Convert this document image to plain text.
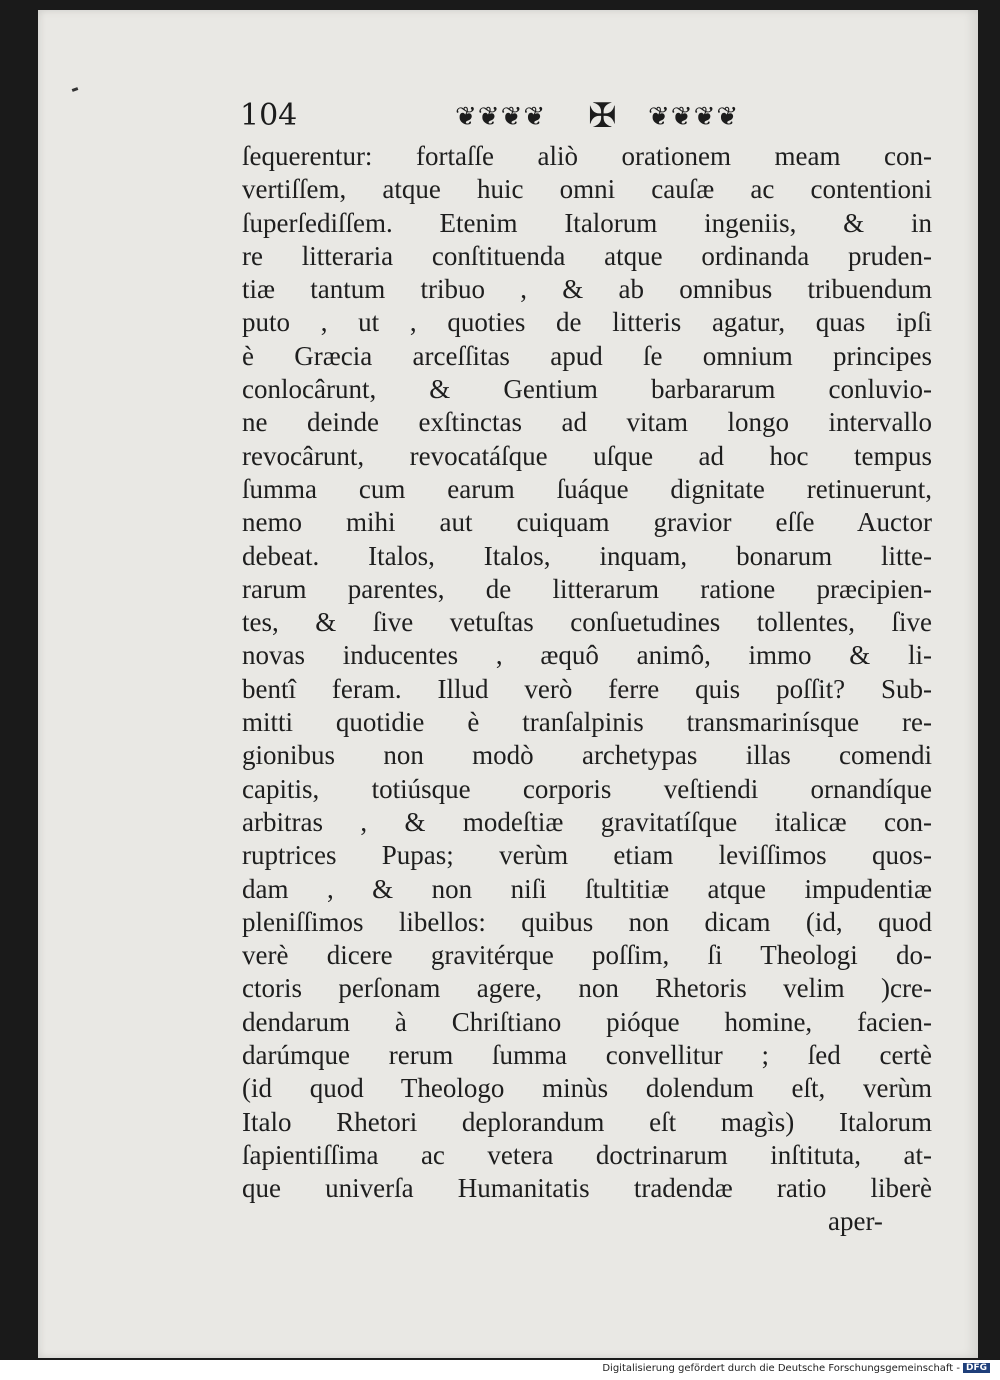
104	❦❦❦❦ ✠ ❦❦❦❦
ſequerentur: fortaſſe aliò orationem meam con-
vertiſſem, atque huic omni cauſæ ac contentioni
ſuperſediſſem. Etenim Italorum ingeniis, & in
re litteraria conſtituenda atque ordinanda pruden-
tiæ tantum tribuo , & ab omnibus tribuendum
puto , ut , quoties de litteris agatur, quas ipſi
è Græcia arceſſitas apud ſe omnium principes
conlocârunt, & Gentium barbararum conluvio-
ne deinde exſtinctas ad vitam longo intervallo
revocârunt, revocatáſque uſque ad hoc tempus
ſumma cum earum ſuáque dignitate retinuerunt,
nemo mihi aut cuiquam gravior eſſe Auctor
debeat. Italos, Italos, inquam, bonarum litte-
rarum parentes, de litterarum ratione præcipien-
tes, & ſive vetuſtas conſuetudines tollentes, ſive
novas inducentes , æquô animô, immo & li-
bentî feram. Illud verò ferre quis poſſit? Sub-
mitti quotidie è tranſalpinis transmarinísque re-
gionibus non modò archetypas illas comendi
capitis, totiúsque corporis veſtiendi ornandíque
arbitras , & modeſtiæ gravitatíſque italicæ con-
ruptrices Pupas; verùm etiam leviſſimos quos-
dam , & non niſi ſtultitiæ atque impudentiæ
pleniſſimos libellos: quibus non dicam (id, quod
verè dicere gravitérque poſſim, ſi Theologi do-
ctoris perſonam agere, non Rhetoris velim )cre-
dendarum à Chriſtiano pióque homine, facien-
darúmque rerum ſumma convellitur ; ſed certè
(id quod Theologo minùs dolendum eſt, verùm
Italo Rhetori deplorandum eſt magìs) Italorum
ſapientiſſima ac vetera doctrinarum inſtituta, at-
que univerſa Humanitatis tradendæ ratio liberè
aper-
Digitalisierung gefördert durch die Deutsche Forschungsgemeinschaft - DFG
